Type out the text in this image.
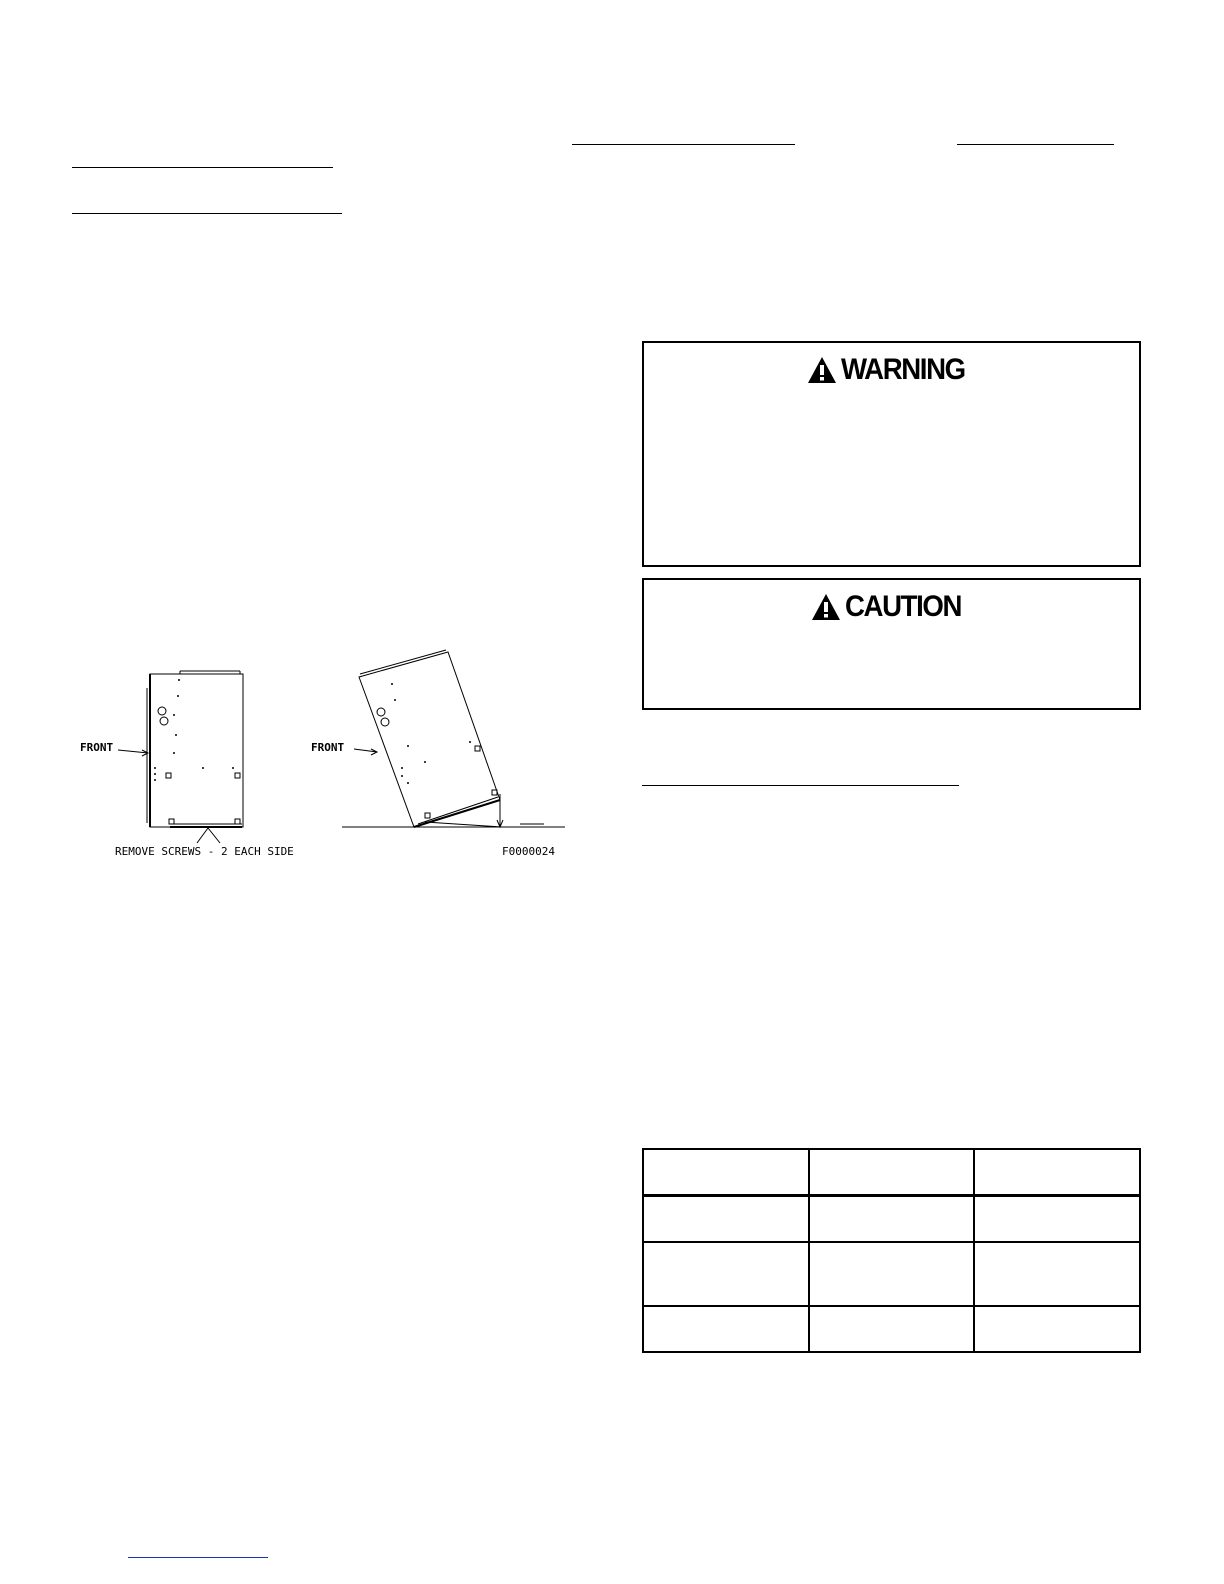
WARNING
CAUTION
FRONT	FRONT
REMOVE SCREWS - 2 EACH SIDE	F0000024
